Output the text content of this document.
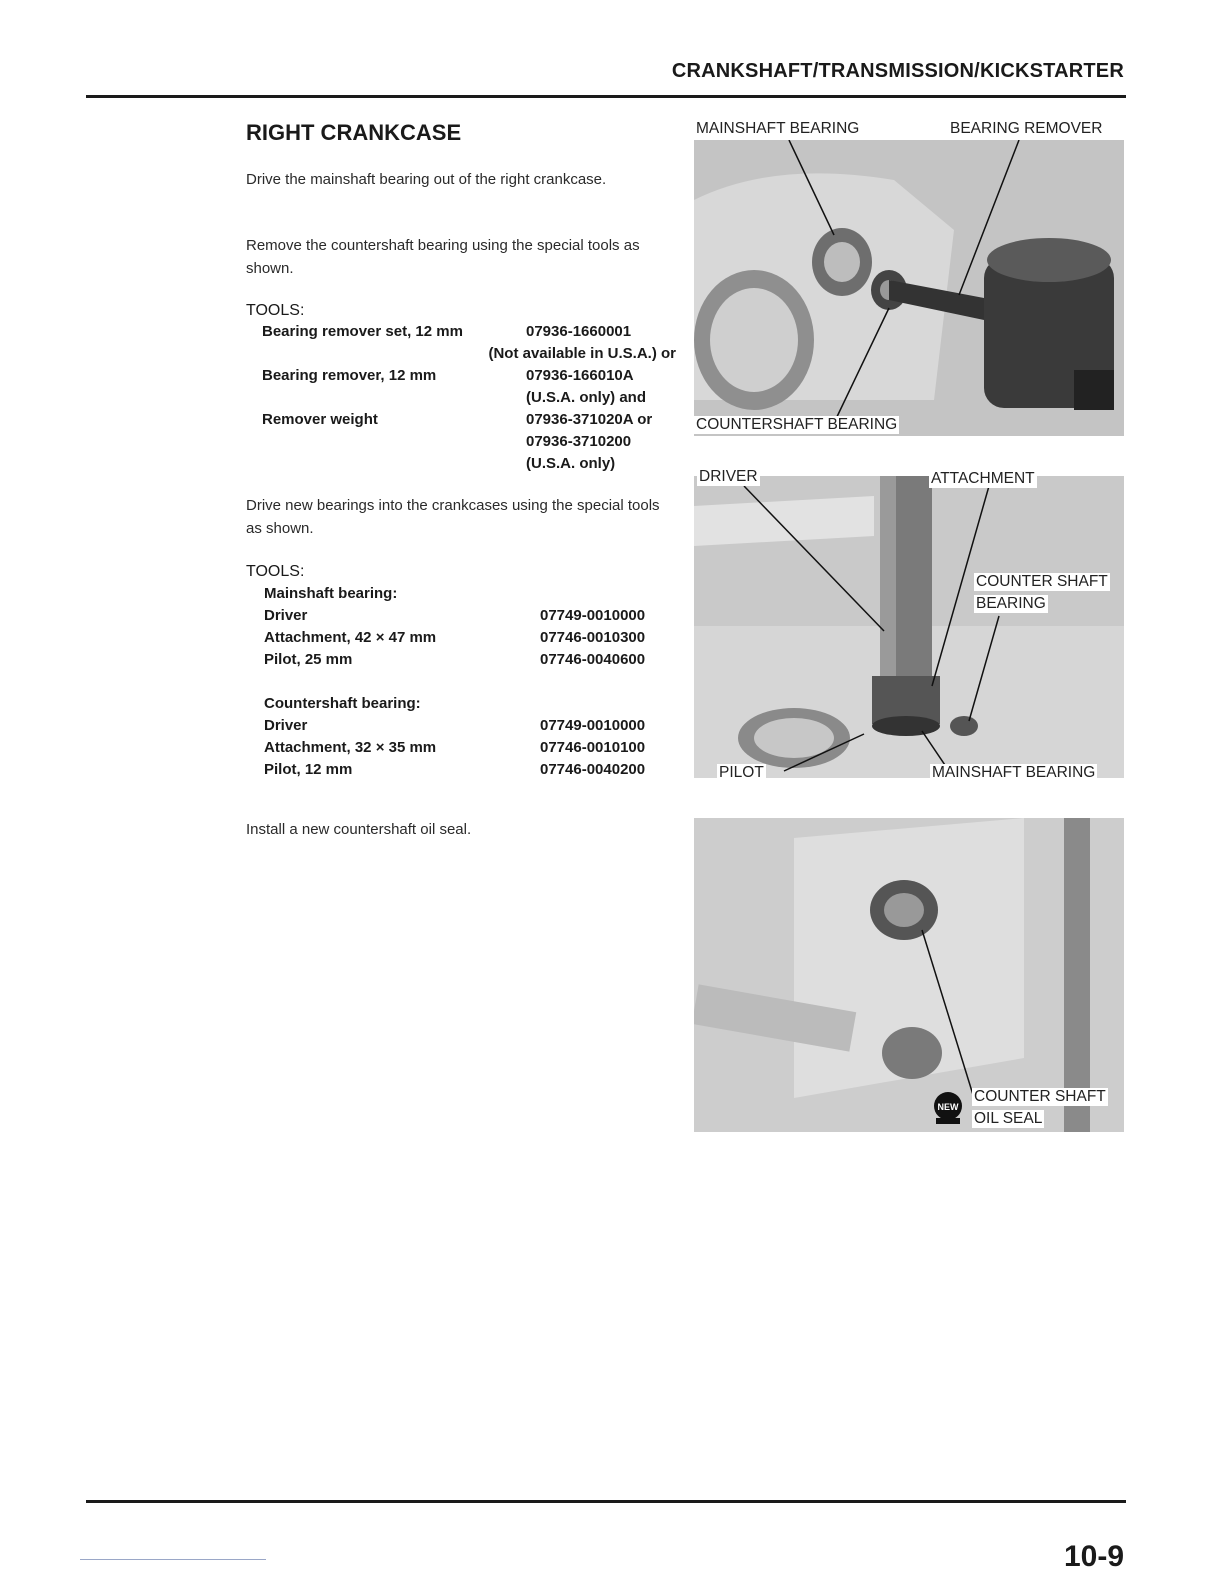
CRANKSHAFT/TRANSMISSION/KICKSTARTER
RIGHT CRANKCASE
Drive the mainshaft bearing out of the right crankcase.
Remove the countershaft bearing using the special tools as shown.
TOOLS:
Bearing remover set, 12 mm	07936-1660001
(Not available in U.S.A.) or
Bearing remover, 12 mm	07936-166010A
(U.S.A. only) and
Remover weight	07936-371020A or
07936-3710200
(U.S.A. only)
Drive new bearings into the crankcases using the special tools as shown.
TOOLS:
Mainshaft bearing:
Driver	07749-0010000
Attachment, 42 × 47 mm	07746-0010300
Pilot, 25 mm	07746-0040600
Countershaft bearing:
Driver	07749-0010000
Attachment, 32 × 35 mm	07746-0010100
Pilot, 12 mm	07746-0040200
Install a new countershaft oil seal.
MAINSHAFT BEARING	BEARING REMOVER
COUNTERSHAFT BEARING
DRIVER	ATTACHMENT
COUNTER SHAFT
BEARING
PILOT	MAINSHAFT BEARING
NEW
COUNTER SHAFT
OIL SEAL
10-9
